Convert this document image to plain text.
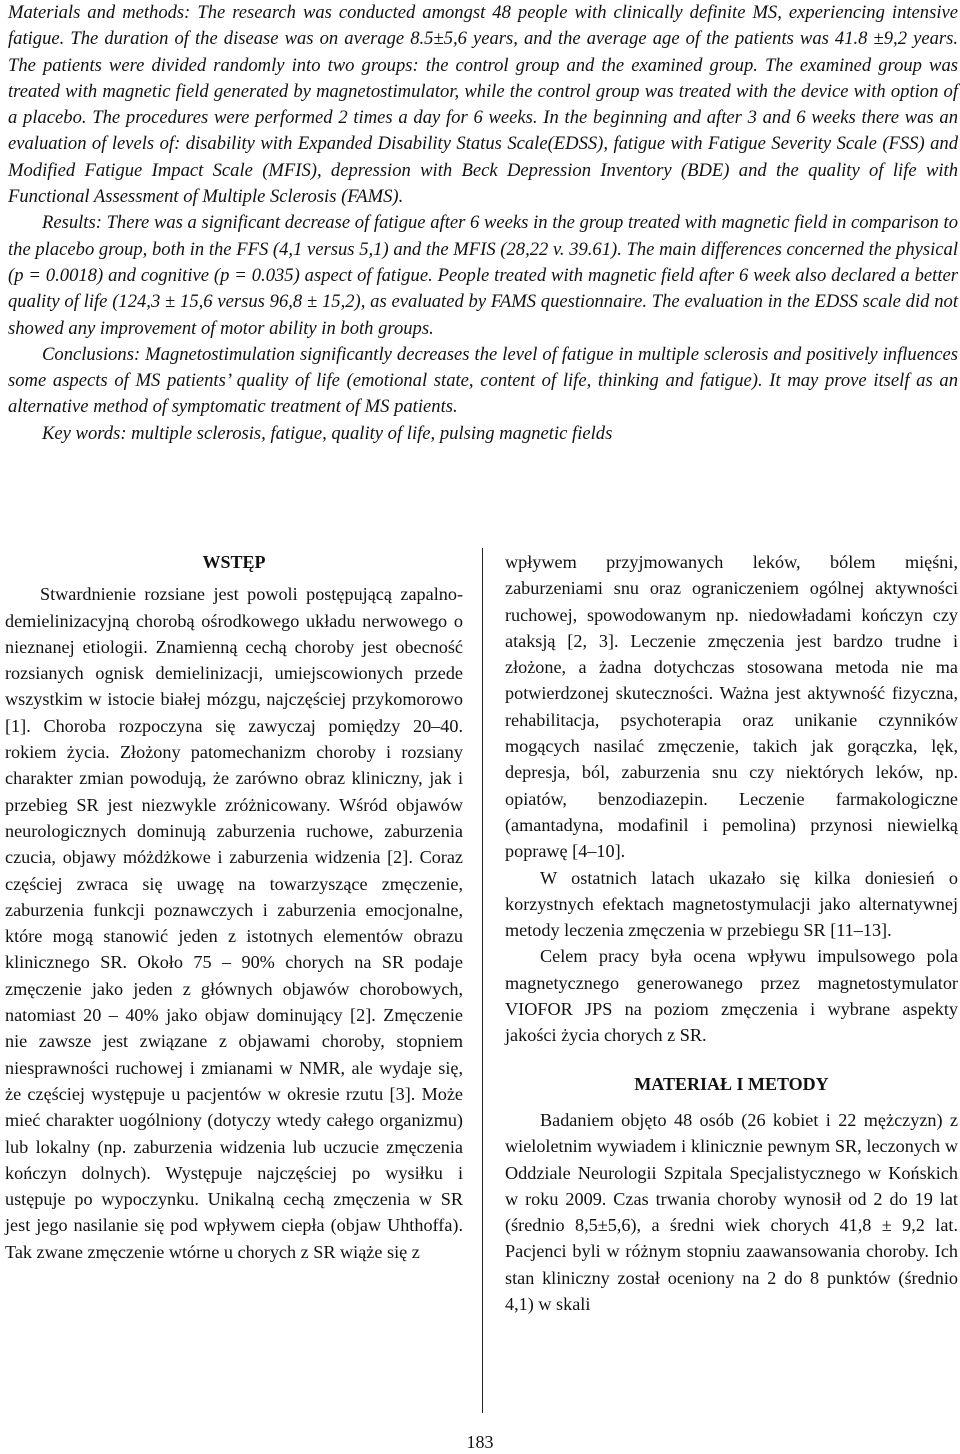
Materials and methods: The research was conducted amongst 48 people with clinically definite MS, experiencing intensive fatigue. The duration of the disease was on average 8.5±5,6 years, and the average age of the patients was 41.8 ±9,2 years. The patients were divided randomly into two groups: the control group and the examined group. The examined group was treated with magnetic field generated by magnetostimulator, while the control group was treated with the device with option of a placebo. The procedures were performed 2 times a day for 6 weeks. In the beginning and after 3 and 6 weeks there was an evaluation of levels of: disability with Expanded Disability Status Scale(EDSS), fatigue with Fatigue Severity Scale (FSS) and Modified Fatigue Impact Scale (MFIS), depression with Beck Depression Inventory (BDE) and the quality of life with Functional Assessment of Multiple Sclerosis (FAMS).

Results: There was a significant decrease of fatigue after 6 weeks in the group treated with magnetic field in comparison to the placebo group, both in the FFS (4,1 versus 5,1) and the MFIS (28,22 v. 39.61). The main differences concerned the physical (p = 0.0018) and cognitive (p = 0.035) aspect of fatigue. People treated with magnetic field after 6 week also declared a better quality of life (124,3 ± 15,6 versus 96,8 ± 15,2), as evaluated by FAMS questionnaire. The evaluation in the EDSS scale did not showed any improvement of motor ability in both groups.

Conclusions: Magnetostimulation significantly decreases the level of fatigue in multiple sclerosis and positively influences some aspects of MS patients’ quality of life (emotional state, content of life, thinking and fatigue). It may prove itself as an alternative method of symptomatic treatment of MS patients.

Key words: multiple sclerosis, fatigue, quality of life, pulsing magnetic fields

WSTĘP

Stwardnienie rozsiane jest powoli postępującą zapalno-demielinizacyjną chorobą ośrodkowego układu nerwowego o nieznanej etiologii. Znamienną cechą choroby jest obecność rozsianych ognisk demielinizacji, umiejscowionych przede wszystkim w istocie białej mózgu, najczęściej przykomorowo [1]. Choroba rozpoczyna się zawyczaj pomiędzy 20–40. rokiem życia. Złożony patomechanizm choroby i rozsiany charakter zmian powodują, że zarówno obraz kliniczny, jak i przebieg SR jest niezwykle zróżnicowany. Wśród objawów neurologicznych dominują zaburzenia ruchowe, zaburzenia czucia, objawy móżdżkowe i zaburzenia widzenia [2]. Coraz częściej zwraca się uwagę na towarzyszące zmęczenie, zaburzenia funkcji poznawczych i zaburzenia emocjonalne, które mogą stanowić jeden z istotnych elementów obrazu klinicznego SR. Około 75 – 90% chorych na SR podaje zmęczenie jako jeden z głównych objawów chorobowych, natomiast 20 – 40% jako objaw dominujący [2]. Zmęczenie nie zawsze jest związane z objawami choroby, stopniem niesprawności ruchowej i zmianami w NMR, ale wydaje się, że częściej występuje u pacjentów w okresie rzutu [3]. Może mieć charakter uogólniony (dotyczy wtedy całego organizmu) lub lokalny (np. zaburzenia widzenia lub uczucie zmęczenia kończyn dolnych). Występuje najczęściej po wysiłku i ustępuje po wypoczynku. Unikalną cechą zmęczenia w SR jest jego nasilanie się pod wpływem ciepła (objaw Uhthoffa). Tak zwane zmęczenie wtórne u chorych z SR wiąże się z

wpływem przyjmowanych leków, bólem mięśni, zaburzeniami snu oraz ograniczeniem ogólnej aktywności ruchowej, spowodowanym np. niedowładami kończyn czy ataksją [2, 3]. Leczenie zmęczenia jest bardzo trudne i złożone, a żadna dotychczas stosowana metoda nie ma potwierdzonej skuteczności. Ważna jest aktywność fizyczna, rehabilitacja, psychoterapia oraz unikanie czynników mogących nasilać zmęczenie, takich jak gorączka, lęk, depresja, ból, zaburzenia snu czy niektórych leków, np. opiatów, benzodiazepin. Leczenie farmakologiczne (amantadyna, modafinil i pemolina) przynosi niewielką poprawę [4–10].

W ostatnich latach ukazało się kilka doniesień o korzystnych efektach magnetostymulacji jako alternatywnej metody leczenia zmęczenia w przebiegu SR [11–13].

Celem pracy była ocena wpływu impulsowego pola magnetycznego generowanego przez magnetostymulator VIOFOR JPS na poziom zmęczenia i wybrane aspekty jakości życia chorych z SR.

MATERIAŁ I METODY

Badaniem objęto 48 osób (26 kobiet i 22 mężczyzn) z wieloletnim wywiadem i klinicznie pewnym SR, leczonych w Oddziale Neurologii Szpitala Specjalistycznego w Końskich w roku 2009. Czas trwania choroby wynosił od 2 do 19 lat (średnio 8,5±5,6), a średni wiek chorych 41,8 ± 9,2 lat. Pacjenci byli w różnym stopniu zaawansowania choroby. Ich stan kliniczny został oceniony na 2 do 8 punktów (średnio 4,1) w skali

183
